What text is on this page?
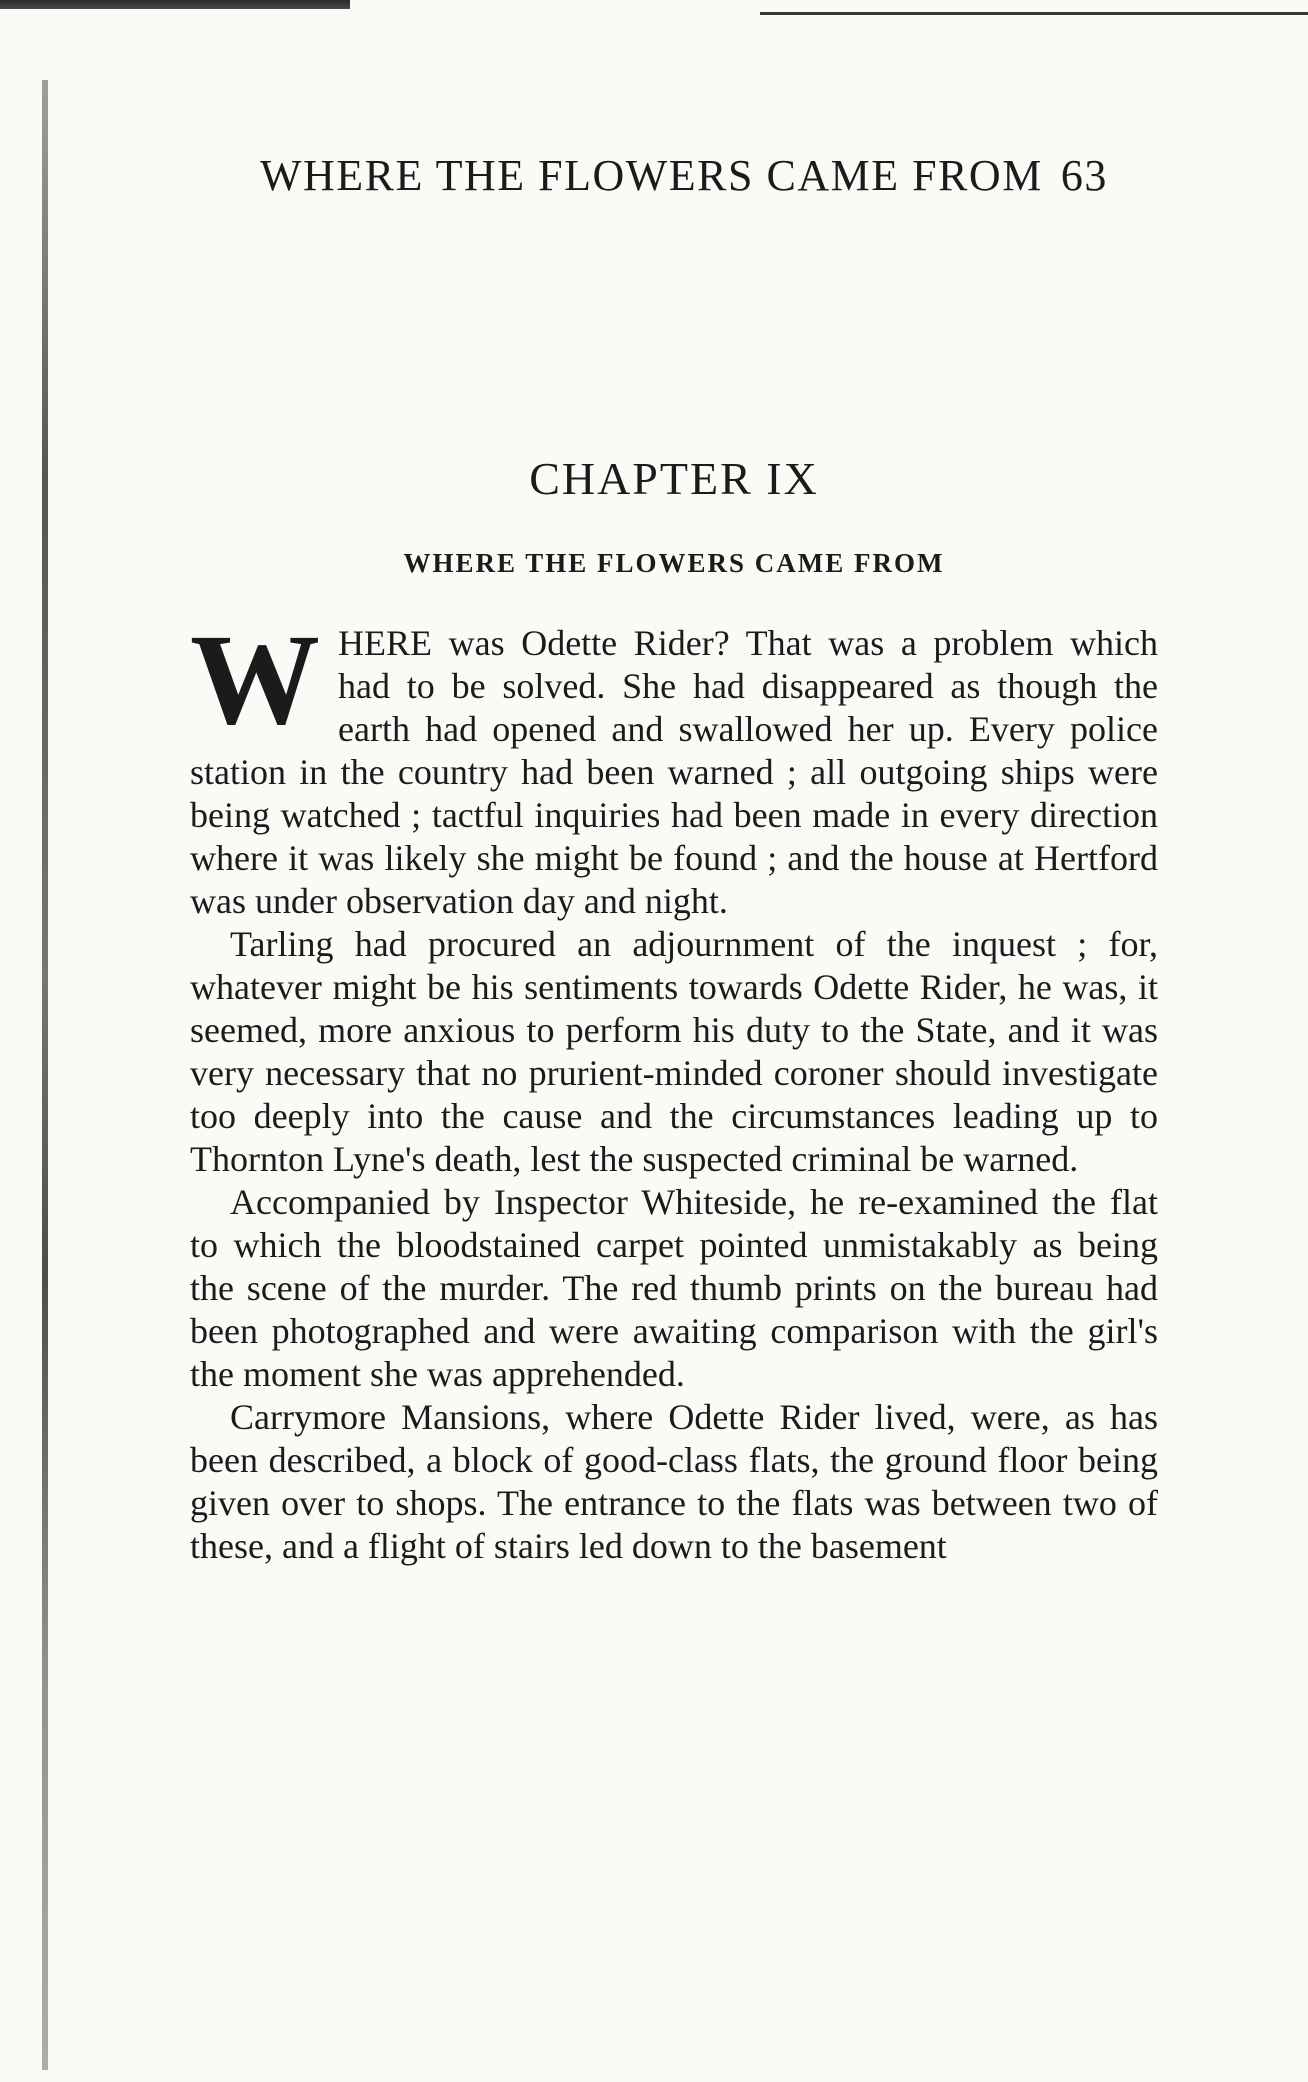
WHERE THE FLOWERS CAME FROM 63
CHAPTER IX
WHERE THE FLOWERS CAME FROM

WHERE was Odette Rider? That was a problem which had to be solved. She had disappeared as though the earth had opened and swallowed her up. Every police station in the country had been warned ; all outgoing ships were being watched ; tactful inquiries had been made in every direction where it was likely she might be found ; and the house at Hertford was under observation day and night.

Tarling had procured an adjournment of the inquest ; for, whatever might be his sentiments towards Odette Rider, he was, it seemed, more anxious to perform his duty to the State, and it was very necessary that no prurient-minded coroner should investigate too deeply into the cause and the circumstances leading up to Thornton Lyne's death, lest the suspected criminal be warned.

Accompanied by Inspector Whiteside, he re-examined the flat to which the bloodstained carpet pointed unmistakably as being the scene of the murder. The red thumb prints on the bureau had been photographed and were awaiting comparison with the girl's the moment she was apprehended.

Carrymore Mansions, where Odette Rider lived, were, as has been described, a block of good-class flats, the ground floor being given over to shops. The entrance to the flats was between two of these, and a flight of stairs led down to the basement
